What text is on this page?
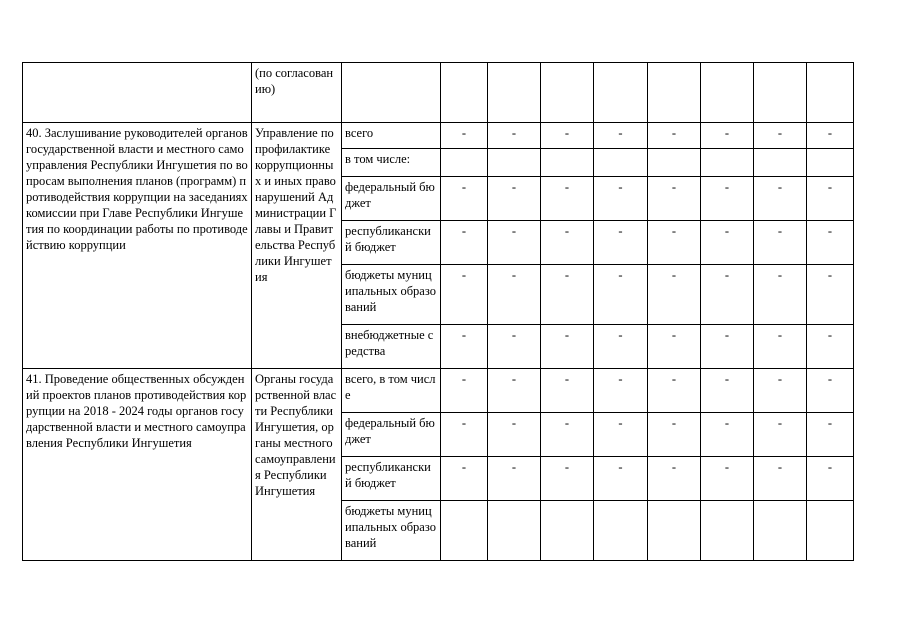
	(по согласованию)									
40. Заслушивание руководителей органов государственной власти и местного самоуправления Республики Ингушетия по вопросам выполнения планов (программ) противодействия коррупции на заседаниях комиссии при Главе Республики Ингушетия по координации работы по противодействию коррупции	Управление по профилактике коррупционных и иных правонарушений Администрации Главы и Правительства Республики Ингушетия	всего	-	-	-	-	-	-	-	-
		в том числе:								
		федеральный бюджет	-	-	-	-	-	-	-	-
		республиканский бюджет	-	-	-	-	-	-	-	-
		бюджеты муниципальных образований	-	-	-	-	-	-	-	-
		внебюджетные средства	-	-	-	-	-	-	-	-
41. Проведение общественных обсуждений проектов планов противодействия коррупции на 2018 - 2024 годы органов государственной власти и местного самоуправления Республики Ингушетия	Органы государственной власти Республики Ингушетия, органы местного самоуправления Республики Ингушетия	всего, в том числе	-	-	-	-	-	-	-	-
		федеральный бюджет	-	-	-	-	-	-	-	-
		республиканский бюджет	-	-	-	-	-	-	-	-
		бюджеты муниципальных образований								
